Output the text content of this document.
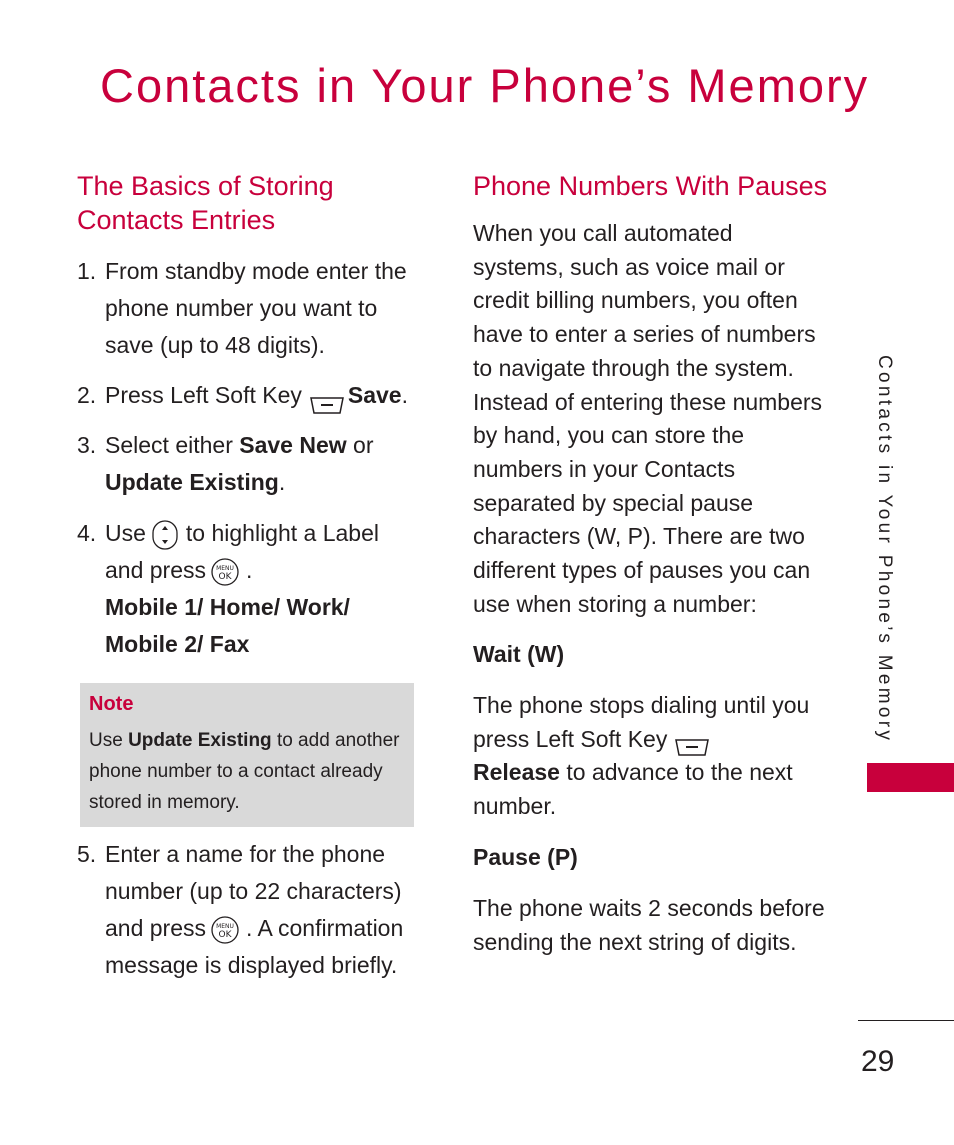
Contacts in Your Phone’s Memory
The Basics of Storing Contacts Entries
1. From standby mode enter the phone number you want to save (up to 48 digits).
2. Press Left Soft Key Save.
3. Select either Save New or
Update Existing.
4. Use to highlight a Label and press MENU
OK .
Mobile 1/ Home/ Work/ Mobile 2/ Fax
Note
Use Update Existing to add another phone number to a contact already stored in memory.
5. Enter a name for the phone number (up to 22 characters) and press MENU
OK . A confirmation message is displayed briefly.
Phone Numbers With Pauses

When you call automated systems, such as voice mail or credit billing numbers, you often have to enter a series of numbers to navigate through the system. Instead of entering these numbers by hand, you can store the numbers in your Contacts separated by special pause characters (W, P). There are two different types of pauses you can use when storing a number:

Wait (W)

The phone stops dialing until you press Left Soft Key
Release to advance to the next number.

Pause (P)

The phone waits 2 seconds before sending the next string of digits.

Contacts in Your Phone’s Memory
29
